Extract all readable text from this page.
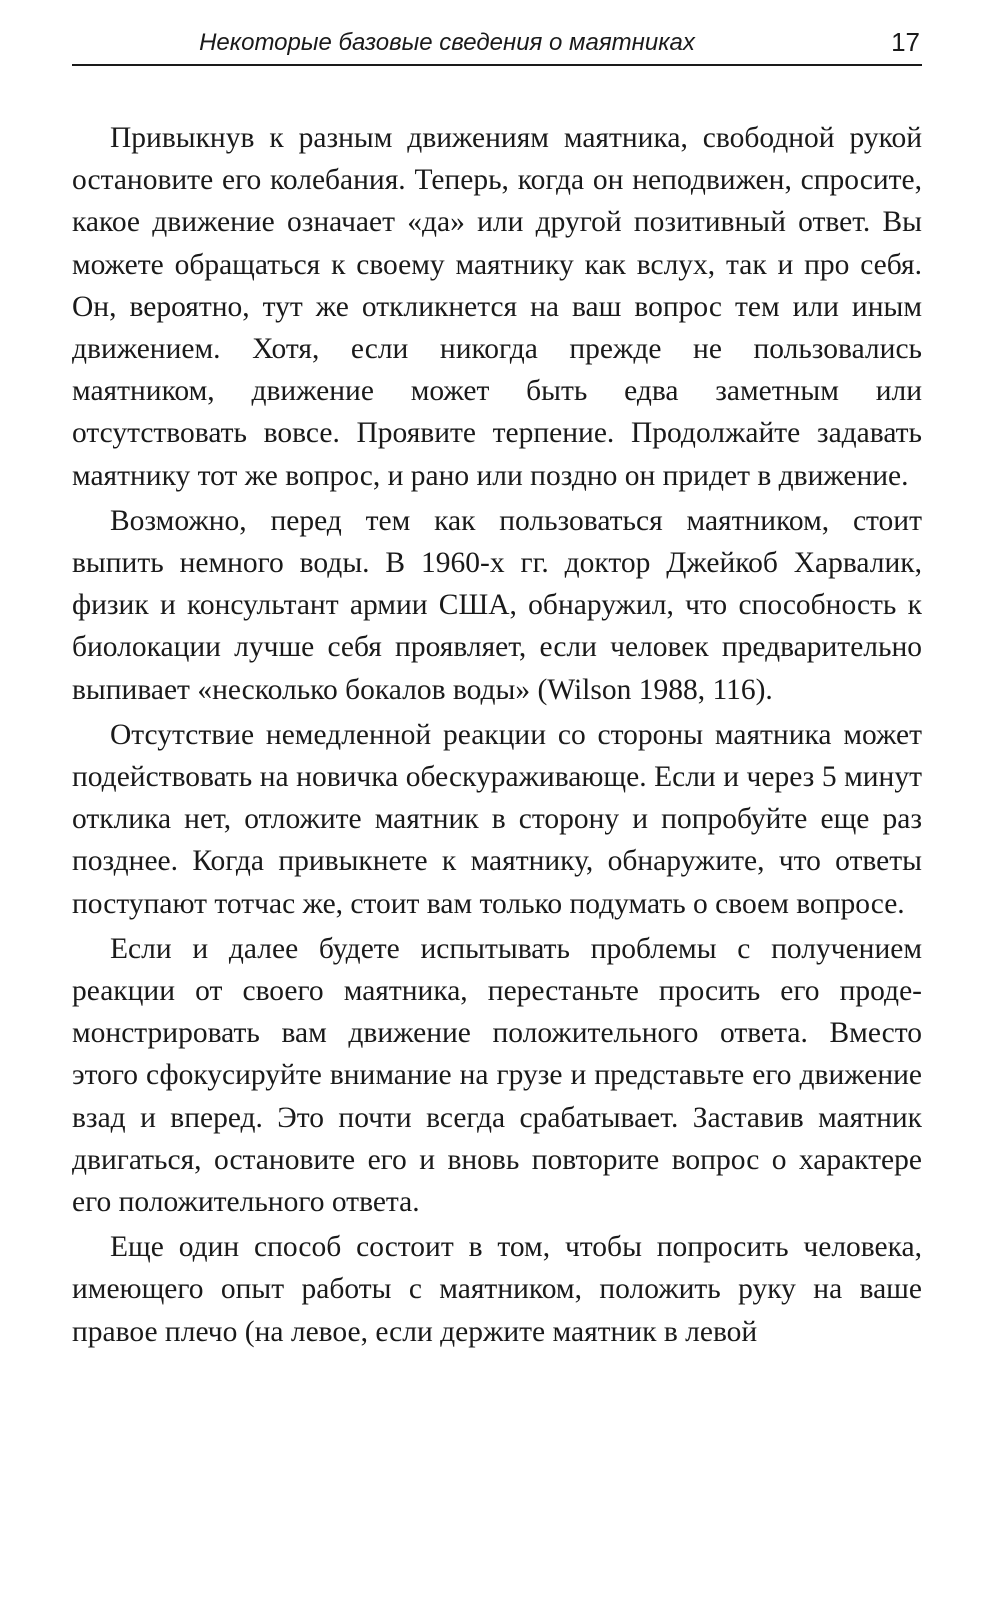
Некоторые базовые сведения о маятниках	17

Привыкнув к разным движениям маятника, свободной рукой остановите его колебания. Теперь, когда он неподвижен, спросите, какое движение означает «да» или другой позитивный ответ. Вы можете обращаться к своему маятнику как вслух, так и про себя. Он, вероятно, тут же откликнется на ваш вопрос тем или иным движением. Хотя, если никогда прежде не пользовались маятником, движение может быть едва заметным или отсутствовать вовсе. Проявите терпение. Продолжайте задавать маятнику тот же вопрос, и рано или поздно он придет в движение.

Возможно, перед тем как пользоваться маятником, стоит выпить немного воды. В 1960-х гг. доктор Джейкоб Харвалик, физик и консультант армии США, обнаружил, что способность к биолокации лучше себя проявляет, если человек предварительно выпивает «несколько бокалов воды» (Wilson 1988, 116).

Отсутствие немедленной реакции со стороны маятника может подействовать на новичка обескураживающе. Если и через 5 минут отклика нет, отложите маятник в сторону и попробуйте еще раз позднее. Когда привыкнете к маятнику, обнаружите, что ответы поступают тотчас же, стоит вам только подумать о своем вопросе.

Если и далее будете испытывать проблемы с получением реакции от своего маятника, перестаньте просить его продемонстрировать вам движение положительного ответа. Вместо этого сфокусируйте внимание на грузе и представьте его движение взад и вперед. Это почти всегда срабатывает. Заставив маятник двигаться, остановите его и вновь повторите вопрос о характере его положительного ответа.

Еще один способ состоит в том, чтобы попросить человека, имеющего опыт работы с маятником, положить руку на ваше правое плечо (на левое, если держите маятник в левой
